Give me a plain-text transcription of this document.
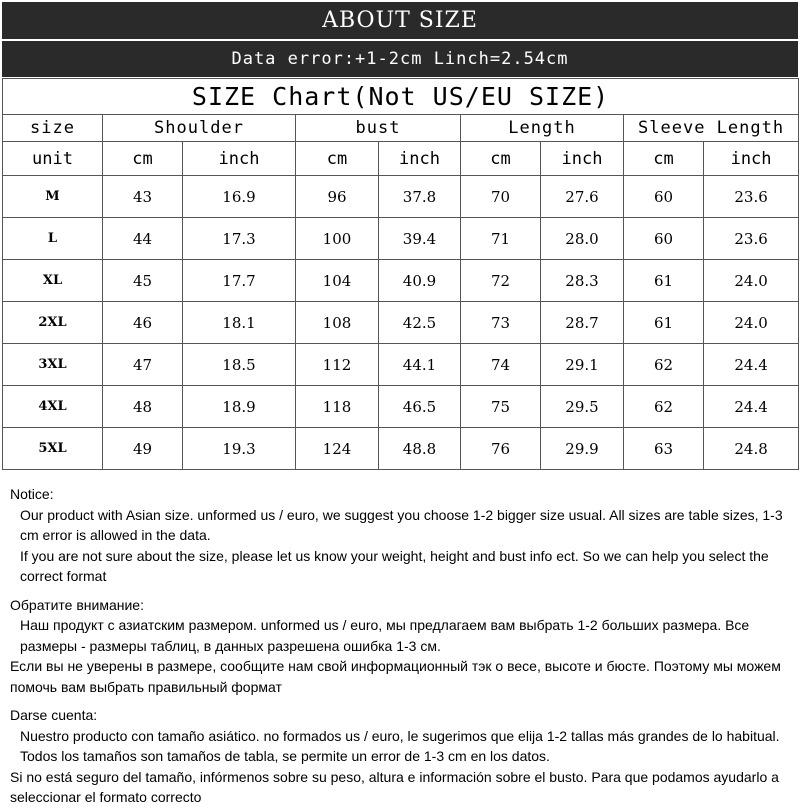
ABOUT SIZE
Data error:+1-2cm Linch=2.54cm
SIZE Chart(Not US/EU SIZE)								
size	Shoulder		bust		Length		Sleeve Length	
unit	cm	inch	cm	inch	cm	inch	cm	inch
M	43	16.9	96	37.8	70	27.6	60	23.6
L	44	17.3	100	39.4	71	28.0	60	23.6
XL	45	17.7	104	40.9	72	28.3	61	24.0
2XL	46	18.1	108	42.5	73	28.7	61	24.0
3XL	47	18.5	112	44.1	74	29.1	62	24.4
4XL	48	18.9	118	46.5	75	29.5	62	24.4
5XL	49	19.3	124	48.8	76	29.9	63	24.8

Notice:

Our product with Asian size. unformed us / euro, we suggest you choose 1-2 bigger size usual. All sizes are table sizes, 1-3 cm error is allowed in the data.

If you are not sure about the size, please let us know your weight, height and bust info ect. So we can help you select the correct format

Обратите внимание:

Наш продукт с азиатским размером. unformed us / euro, мы предлагаем вам выбрать 1-2 больших размера. Все размеры - размеры таблиц, в данных разрешена ошибка 1-3 см.

Если вы не уверены в размере, сообщите нам свой информационный тэк о весе, высоте и бюсте. Поэтому мы можем помочь вам выбрать правильный формат

Darse cuenta:

Nuestro producto con tamaño asiático. no formados us / euro, le sugerimos que elija 1-2 tallas más grandes de lo habitual. Todos los tamaños son tamaños de tabla, se permite un error de 1-3 cm en los datos.

Si no está seguro del tamaño, infórmenos sobre su peso, altura e información sobre el busto. Para que podamos ayudarlo a seleccionar el formato correcto
